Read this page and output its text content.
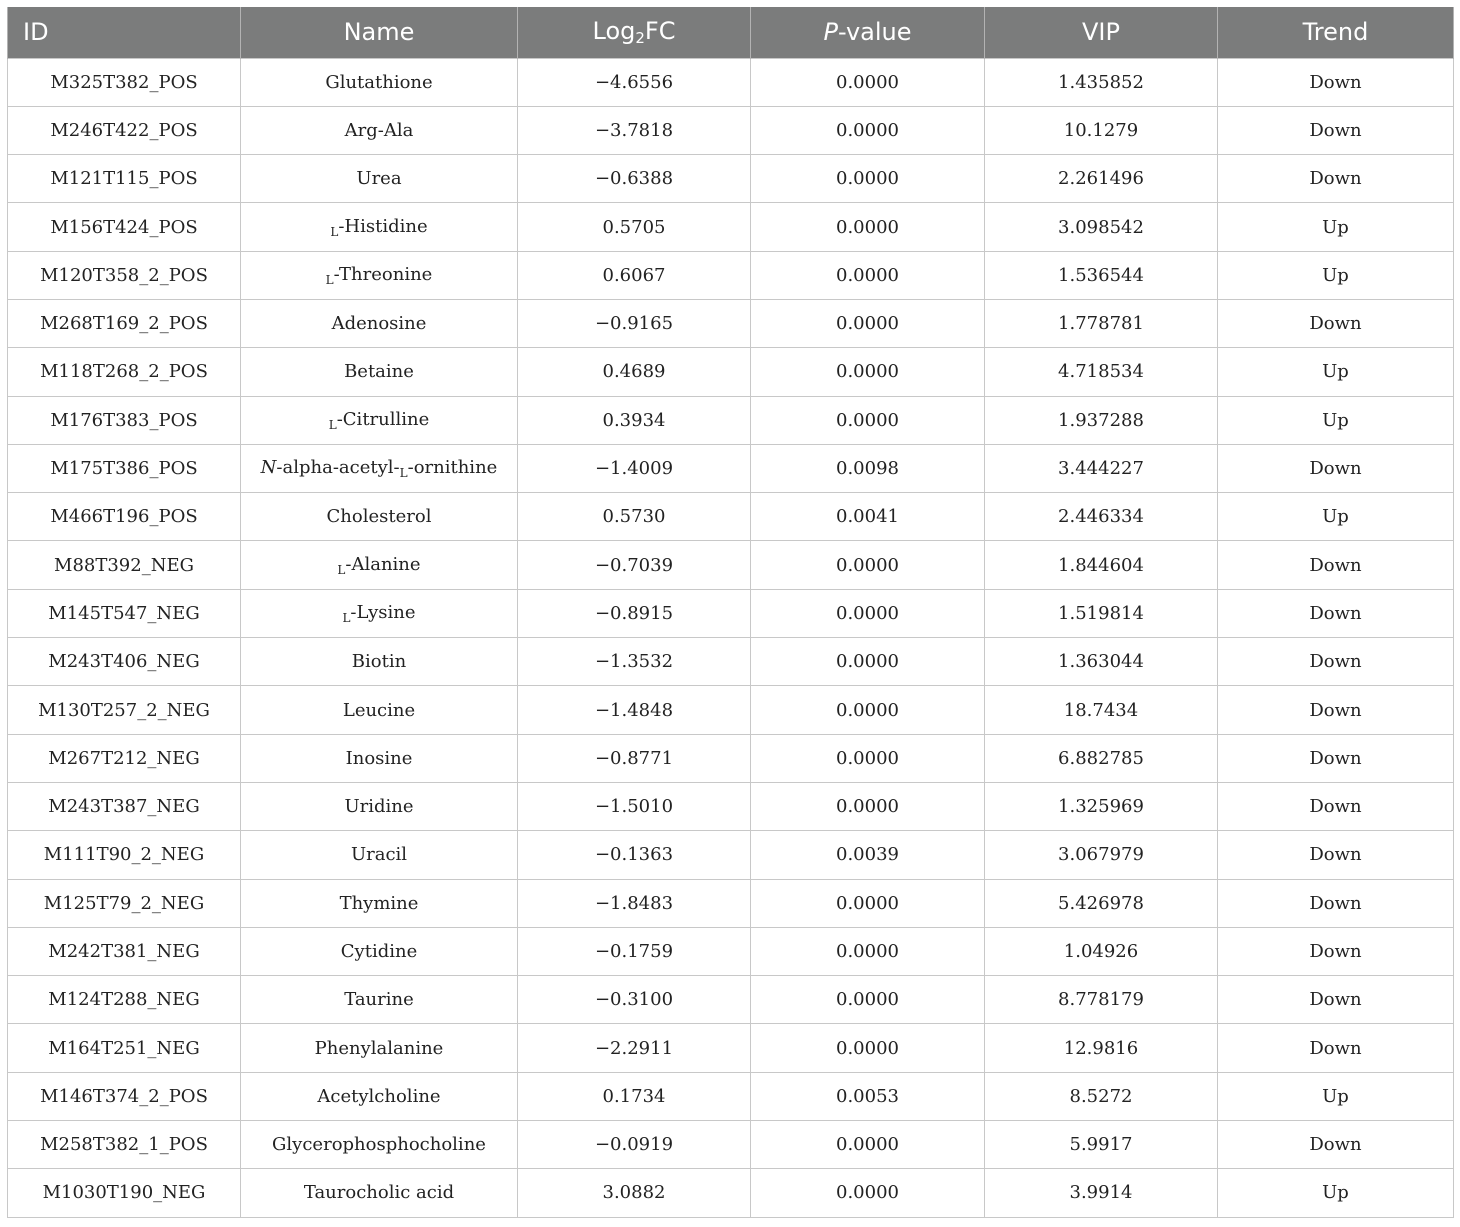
ID	Name	Log$_2$FC	P-value	VIP	Trend
M325T382_POS	Glutathione	−4.6556	0.0000	1.435852	Down
M246T422_POS	Arg-Ala	−3.7818	0.0000	10.1279	Down
M121T115_POS	Urea	−0.6388	0.0000	2.261496	Down
M156T424_POS	$_L$-Histidine	0.5705	0.0000	3.098542	Up
M120T358_2_POS	$_L$-Threonine	0.6067	0.0000	1.536544	Up
M268T169_2_POS	Adenosine	−0.9165	0.0000	1.778781	Down
M118T268_2_POS	Betaine	0.4689	0.0000	4.718534	Up
M176T383_POS	$_L$-Citrulline	0.3934	0.0000	1.937288	Up
M175T386_POS	$N-alpha-acetyl-_L$-ornithine	−1.4009	0.0098	3.444227	Down
M466T196_POS	Cholesterol	0.5730	0.0041	2.446334	Up
M88T392_NEG	$_L$-Alanine	−0.7039	0.0000	1.844604	Down
M145T547_NEG	$_L$-Lysine	−0.8915	0.0000	1.519814	Down
M243T406_NEG	Biotin	−1.3532	0.0000	1.363044	Down
M130T257_2_NEG	Leucine	−1.4848	0.0000	18.7434	Down
M267T212_NEG	Inosine	−0.8771	0.0000	6.882785	Down
M243T387_NEG	Uridine	−1.5010	0.0000	1.325969	Down
M111T90_2_NEG	Uracil	−0.1363	0.0039	3.067979	Down
M125T79_2_NEG	Thymine	−1.8483	0.0000	5.426978	Down
M242T381_NEG	Cytidine	−0.1759	0.0000	1.04926	Down
M124T288_NEG	Taurine	−0.3100	0.0000	8.778179	Down
M164T251_NEG	Phenylalanine	−2.2911	0.0000	12.9816	Down
M146T374_2_POS	Acetylcholine	0.1734	0.0053	8.5272	Up
M258T382_1_POS	Glycerophosphocholine	−0.0919	0.0000	5.9917	Down
M1030T190_NEG	Taurocholic acid	3.0882	0.0000	3.9914	Up
